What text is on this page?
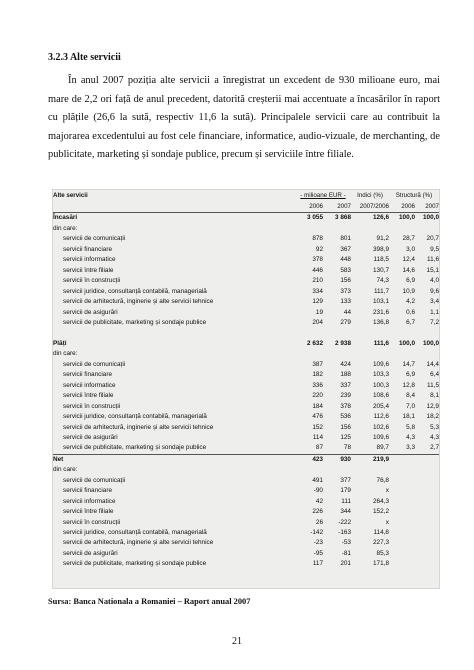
3.2.3 Alte servicii
În anul 2007 poziția alte servicii a înregistrat un excedent de 930 milioane euro, mai mare de 2,2 ori față de anul precedent, datorită creșterii mai accentuate a încasărilor în raport cu plățile (26,6 la sută, respectiv 11,6 la sută). Principalele servicii care au contribuit la majorarea excedentului au fost cele financiare, informatice, audio-vizuale, de merchanting, de publicitate, marketing și sondaje publice, precum și serviciile între filiale.
Alte servicii	- milioane EUR -		Indici (%)	Structură (%)	
	2006	2007	2007/2006	2006	2007
Încasări	3 055	3 868	126,6	100,0	100,0
din care:					
servicii de comunicații	878	801	91,2	28,7	20,7
servicii financiare	92	367	398,9	3,0	9,5
servicii informatice	378	448	118,5	12,4	11,6
servicii între filiale	446	583	130,7	14,6	15,1
servicii în construcții	210	156	74,3	6,9	4,0
servicii juridice, consultanță contabilă, managerială	334	373	111,7	10,9	9,6
servicii de arhitectură, inginerie și alte servicii tehnice	129	133	103,1	4,2	3,4
servicii de asigurări	19	44	231,6	0,6	1,1
servicii de publicitate, marketing și sondaje publice	204	279	136,8	6,7	7,2

Plăți	2 632	2 938	111,6	100,0	100,0
din care:					
servicii de comunicații	387	424	109,6	14,7	14,4
servicii financiare	182	188	103,3	6,9	6,4
servicii informatice	336	337	100,3	12,8	11,5
servicii între filiale	220	239	108,6	8,4	8,1
servicii în construcții	184	378	205,4	7,0	12,9
servicii juridice, consultanță contabilă, managerială	476	536	112,6	18,1	18,2
servicii de arhitectură, inginerie și alte servicii tehnice	152	156	102,6	5,8	5,3
servicii de asigurări	114	125	109,6	4,3	4,3
servicii de publicitate, marketing și sondaje publice	87	78	89,7	3,3	2,7
Net	423	930	219,9		
din care:					
servicii de comunicații	491	377	76,8		
servicii financiare	-90	179	x		
servicii informatice	42	111	264,3		
servicii între filiale	226	344	152,2		
servicii în construcții	26	-222	x		
servicii juridice, consultanță contabilă, managerială	-142	-163	114,8		
servicii de arhitectură, inginerie și alte servicii tehnice	-23	-53	227,3		
servicii de asigurări	-95	-81	85,3		
servicii de publicitate, marketing și sondaje publice	117	201	171,8		
Sursa: Banca Nationala a Romaniei – Raport anual 2007
21
